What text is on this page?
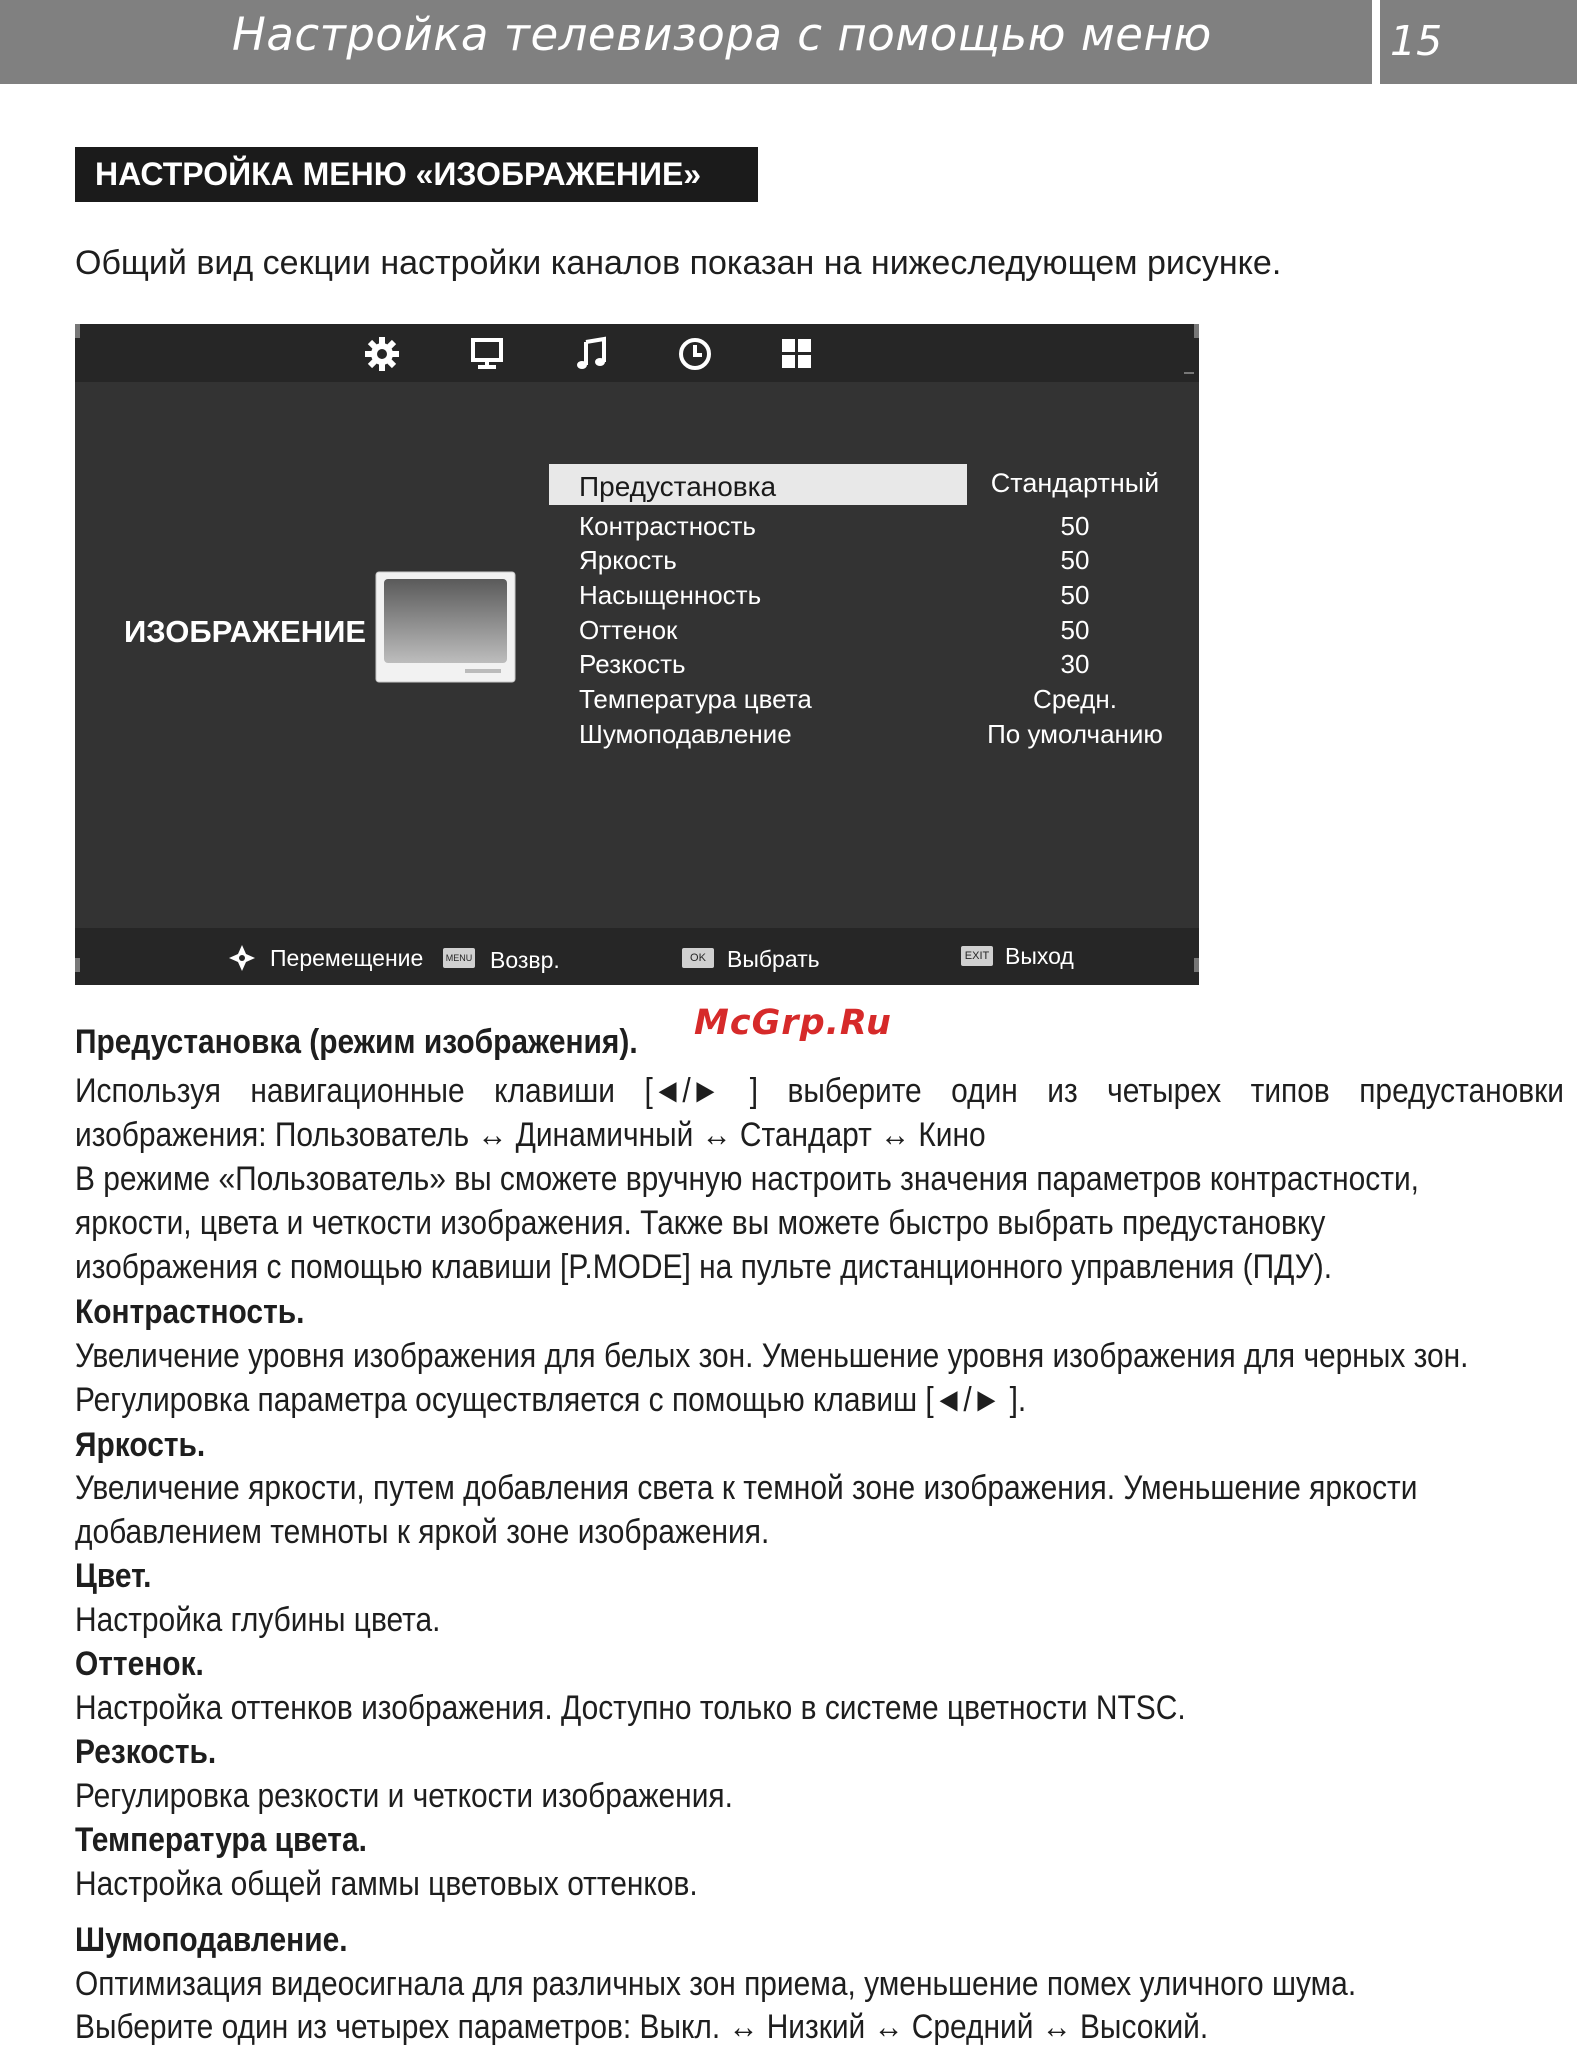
Настройка телевизора с помощью меню	15
НАСТРОЙКА МЕНЮ «ИЗОБРАЖЕНИЕ»
Общий вид секции настройки каналов показан на нижеследующем рисунке.
ИЗОБРАЖЕНИЕ
Предустановка	Стандартный
Контрастность	50
Яркость	50
Насыщенность	50
Оттенок	50
Резкость	30
Температура цвета	Средн.
Шумоподавление	По умолчанию
Перемещение	MENU Возвр.	OK Выбрать	EXIT Выход
McGrp.Ru
Предустановка (режим изображения).
Используя навигационные клавиши [◄/► ] выберите один из четырех типов предустановки
изображения: Пользователь ↔ Динамичный ↔ Стандарт ↔ Кино
В режиме «Пользователь» вы сможете вручную настроить значения параметров контрастности,
яркости, цвета и четкости изображения. Также вы можете быстро выбрать предустановку
изображения с помощью клавиши [P.MODE] на пульте дистанционного управления (ПДУ).
Контрастность.
Увеличение уровня изображения для белых зон. Уменьшение уровня изображения для черных зон.
Регулировка параметра осуществляется с помощью клавиш [◄/► ].
Яркость.
Увеличение яркости, путем добавления света к темной зоне изображения. Уменьшение яркости
добавлением темноты к яркой зоне изображения.
Цвет.
Настройка глубины цвета.
Оттенок.
Настройка оттенков изображения. Доступно только в системе цветности NTSC.
Резкость.
Регулировка резкости и четкости изображения.
Температура цвета.
Настройка общей гаммы цветовых оттенков.
Шумоподавление.
Оптимизация видеосигнала для различных зон приема, уменьшение помех уличного шума.
Выберите один из четырех параметров: Выкл. ↔ Низкий ↔ Средний ↔ Высокий.
